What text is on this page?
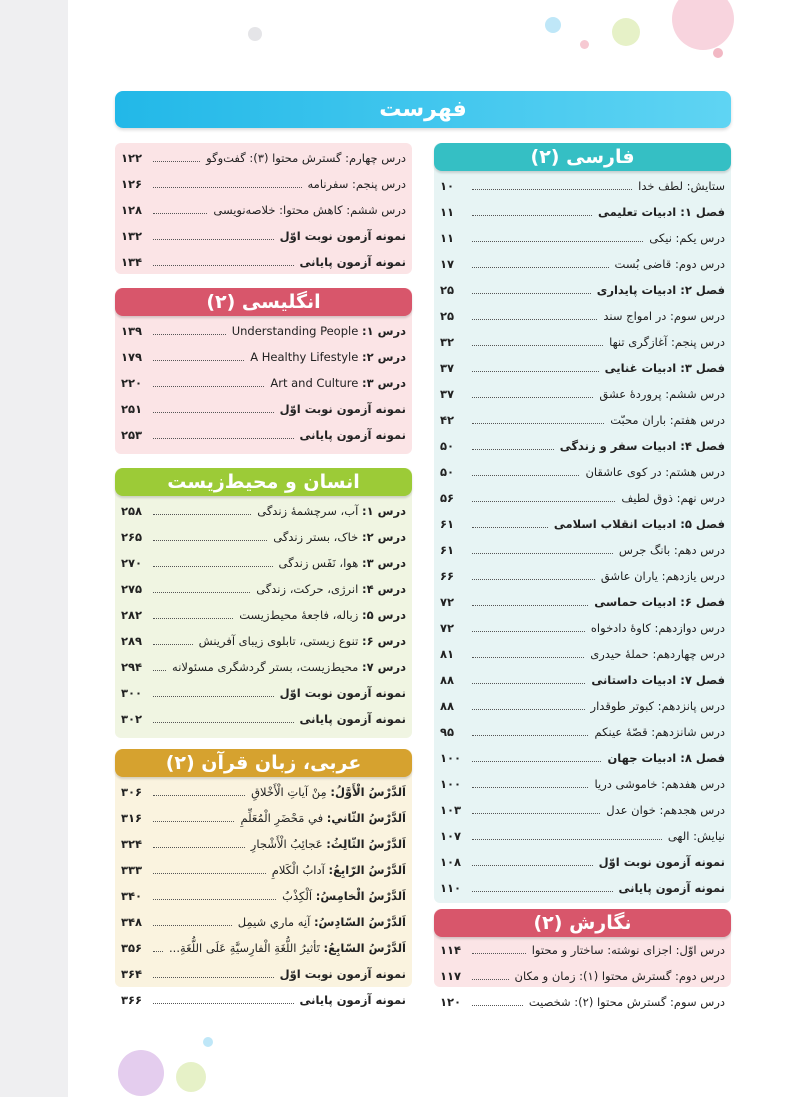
فهرست
فارسی (۲)
ستایش: لطف خدا
۱۰
فصل ۱: ادبیات تعلیمی
۱۱
درس یکم: نیکی
۱۱
درس دوم: قاضی بُست
۱۷
فصل ۲: ادبیات پایداری
۲۵
درس سوم: در امواج سند
۲۵
درس پنجم: آغازگری تنها
۳۲
فصل ۳: ادبیات غنایی
۳۷
درس ششم: پروردهٔ عشق
۳۷
درس هفتم: باران محبّت
۴۲
فصل ۴: ادبیات سفر و زندگی
۵۰
درس هشتم: در کوی عاشقان
۵۰
درس نهم: ذوق لطیف
۵۶
فصل ۵: ادبیات انقلاب اسلامی
۶۱
درس دهم: بانگ جرس
۶۱
درس یازدهم: یاران عاشق
۶۶
فصل ۶: ادبیات حماسی
۷۲
درس دوازدهم: کاوهٔ دادخواه
۷۲
درس چهاردهم: حملهٔ حیدری
۸۱
فصل ۷: ادبیات داستانی
۸۸
درس پانزدهم: کبوتر طوقدار
۸۸
درس شانزدهم: قصّهٔ عینکم
۹۵
فصل ۸: ادبیات جهان
۱۰۰
درس هفدهم: خاموشی دریا
۱۰۰
درس هجدهم: خوان عدل
۱۰۳
نیایش: الهی
۱۰۷
نمونه آزمون نوبت اوّل
۱۰۸
نمونه آزمون پایانی
۱۱۰
نگارش (۲)
درس اوّل: اجزای نوشته: ساختار و محتوا
۱۱۴
درس دوم: گسترش محتوا (۱): زمان و مکان
۱۱۷
درس سوم: گسترش محتوا (۲): شخصیت
۱۲۰
درس چهارم: گسترش محتوا (۳): گفت‌وگو
۱۲۲
درس پنجم: سفرنامه
۱۲۶
درس ششم: کاهش محتوا: خلاصه‌نویسی
۱۲۸
نمونه آزمون نوبت اوّل
۱۳۲
نمونه آزمون پایانی
۱۳۴
انگلیسی (۲)
درس ۱: Understanding People
۱۳۹
درس ۲: A Healthy Lifestyle
۱۷۹
درس ۳: Art and Culture
۲۲۰
نمونه آزمون نوبت اوّل
۲۵۱
نمونه آزمون پایانی
۲۵۳
انسان و محیط‌زیست
درس ۱: آب، سرچشمهٔ زندگی
۲۵۸
درس ۲: خاک، بستر زندگی
۲۶۵
درس ۳: هوا، نَفَس زندگی
۲۷۰
درس ۴: انرژی، حرکت، زندگی
۲۷۵
درس ۵: زباله، فاجعهٔ محیط‌زیست
۲۸۲
درس ۶: تنوع زیستی، تابلوی زیبای آفرینش
۲۸۹
درس ۷: محیط‌زیست، بستر گردشگری مسئولانه
۲۹۴
نمونه آزمون نوبت اوّل
۳۰۰
نمونه آزمون پایانی
۳۰۲
عربی، زبان قرآن (۲)
اَلدَّرْسُ الْأَوَّلُ: مِنْ آیاتِ الْأَخْلاقِ
۳۰۶
اَلدَّرْسُ الثّاني: في مَحْضَرِ الْمُعَلِّمِ
۳۱۶
اَلدَّرْسُ الثّالِثُ: عَجائِبُ الْأَشْجارِ
۳۲۴
اَلدَّرْسُ الرّابِعُ: آدابُ الْكَلامِ
۳۳۳
اَلدَّرْسُ الْخامِسُ: اَلْكِذْبُ
۳۴۰
اَلدَّرْسُ السّادِسُ: آنِه ماري شيمِل
۳۴۸
اَلدَّرْسُ السّابِعُ: تَأثيرُ اللُّغَةِ الْفارِسيَّةِ عَلَى اللُّغَةِ...
۳۵۶
نمونه آزمون نوبت اوّل
۳۶۴
نمونه آزمون پایانی
۳۶۶
